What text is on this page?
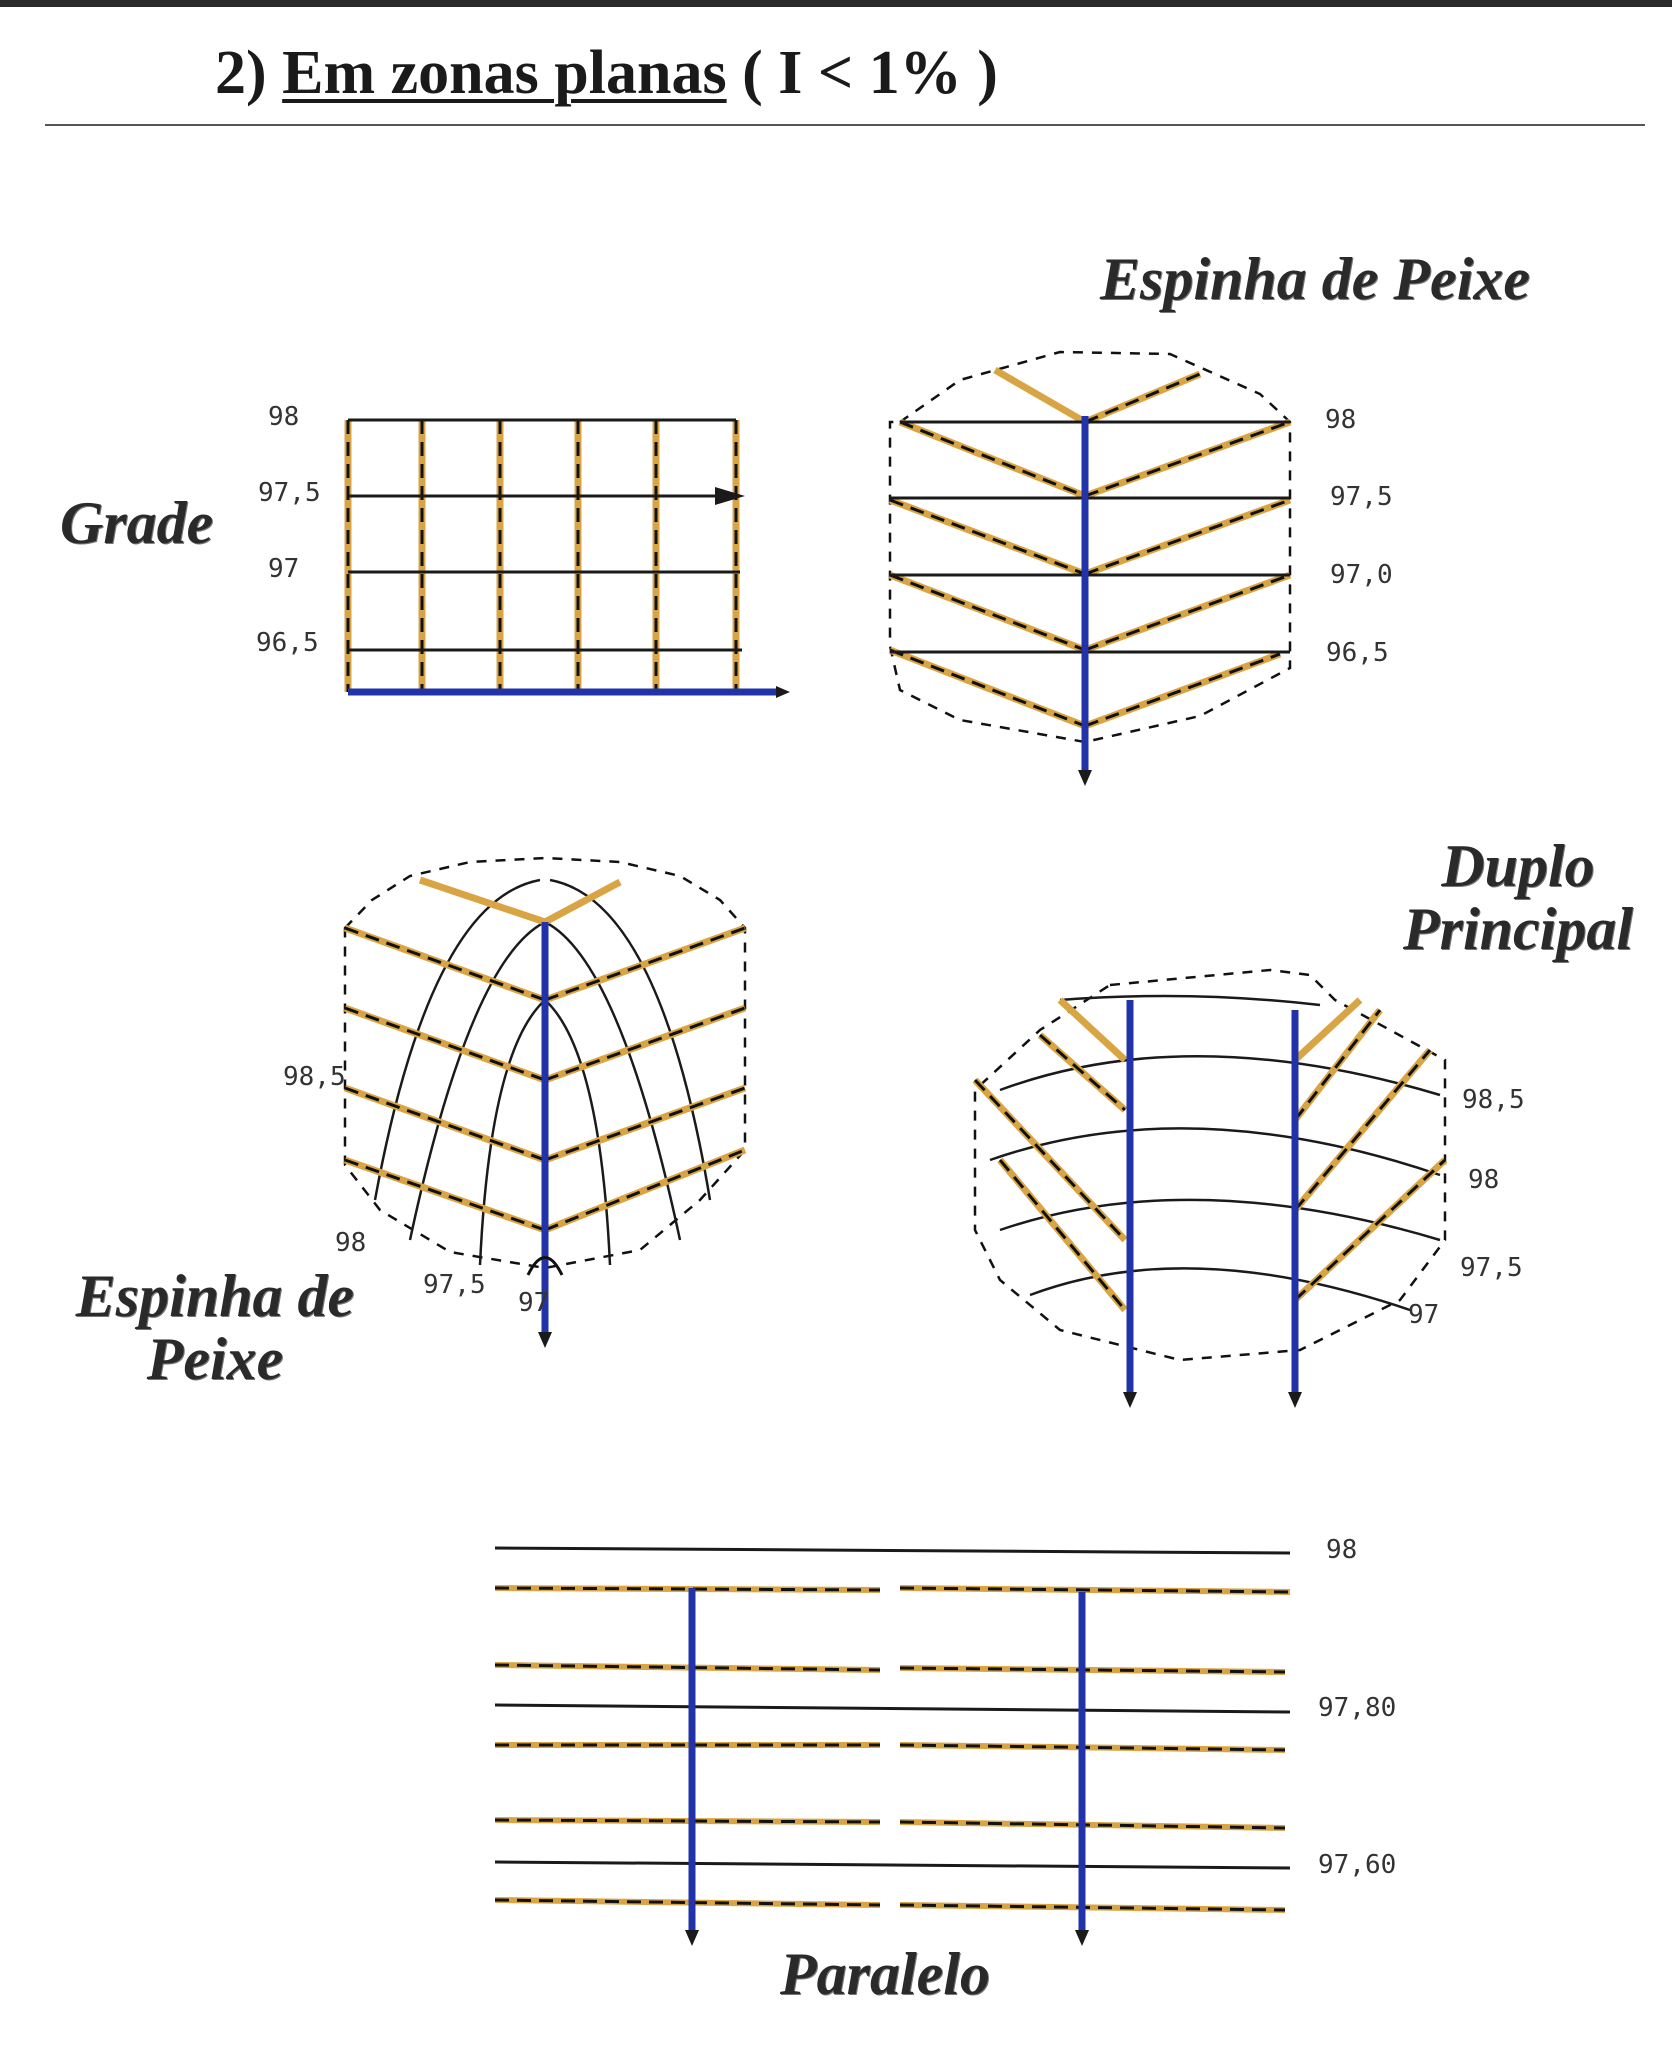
2) Em zonas planas ( I < 1% )
Grade
98
97,5
97
96,5
Espinha de Peixe
98
97,5
97,0
96,5
Espinha de
Peixe
98,5
98
97,5
97
Duplo
Principal
98,5
98
97,5
97
Paralelo
98
97,80
97,60
